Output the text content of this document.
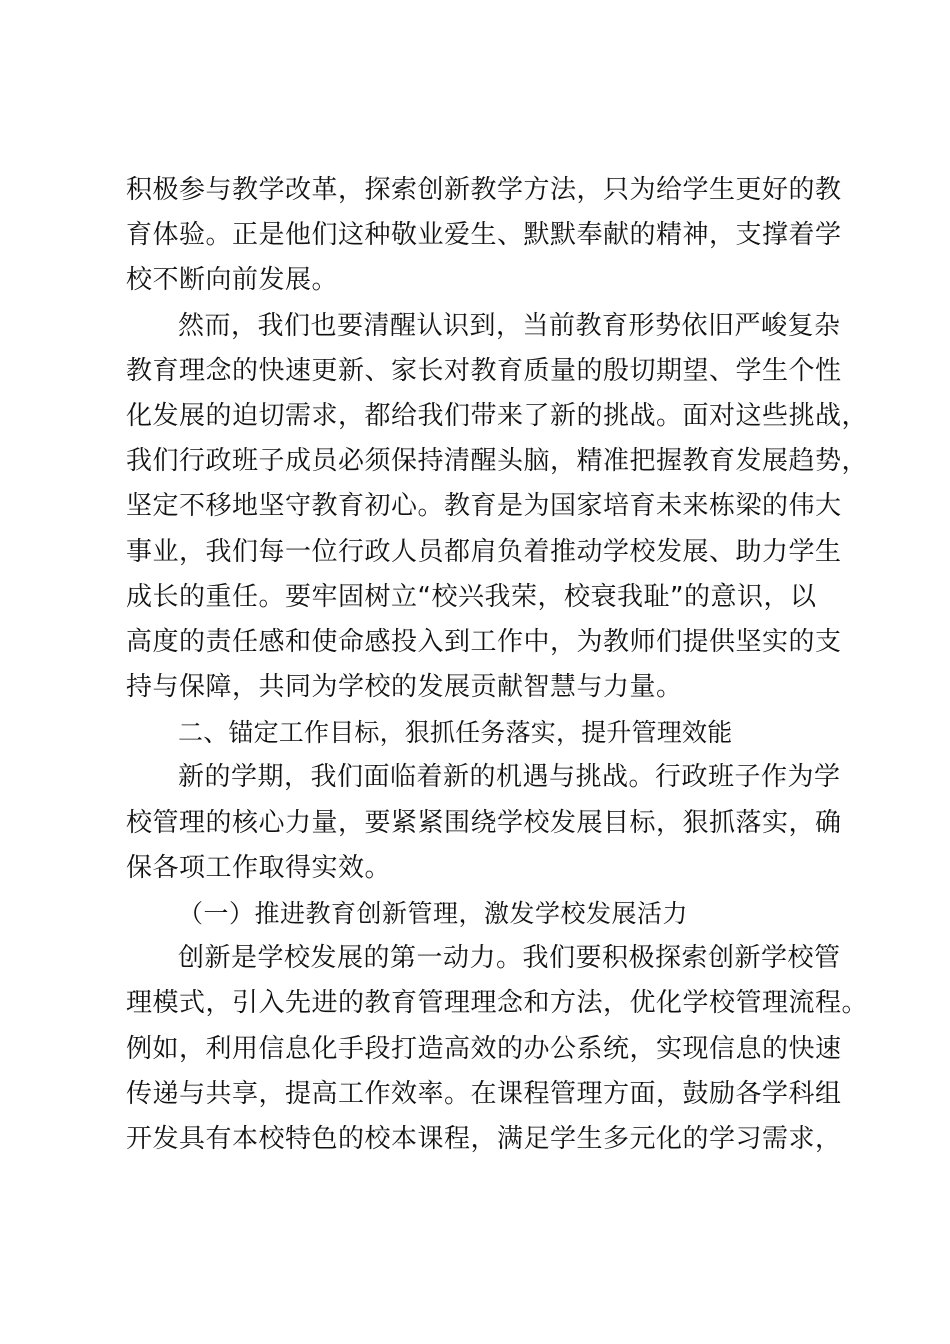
积极参与教学改革，探索创新教学方法，只为给学生更好的教
育体验。正是他们这种敬业爱生、默默奉献的精神，支撑着学
校不断向前发展。
然而，我们也要清醒认识到，当前教育形势依旧严峻复杂
教育理念的快速更新、家长对教育质量的殷切期望、学生个性
化发展的迫切需求，都给我们带来了新的挑战。面对这些挑战，
我们行政班子成员必须保持清醒头脑，精准把握教育发展趋势，
坚定不移地坚守教育初心。教育是为国家培育未来栋梁的伟大
事业，我们每一位行政人员都肩负着推动学校发展、助力学生
成长的重任。要牢固树立“校兴我荣，校衰我耻”的意识，以
高度的责任感和使命感投入到工作中，为教师们提供坚实的支
持与保障，共同为学校的发展贡献智慧与力量。
二、锚定工作目标，狠抓任务落实，提升管理效能
新的学期，我们面临着新的机遇与挑战。行政班子作为学
校管理的核心力量，要紧紧围绕学校发展目标，狠抓落实，确
保各项工作取得实效。
（一）推进教育创新管理，激发学校发展活力
创新是学校发展的第一动力。我们要积极探索创新学校管
理模式，引入先进的教育管理理念和方法，优化学校管理流程。
例如，利用信息化手段打造高效的办公系统，实现信息的快速
传递与共享，提高工作效率。在课程管理方面，鼓励各学科组
开发具有本校特色的校本课程，满足学生多元化的学习需求，
